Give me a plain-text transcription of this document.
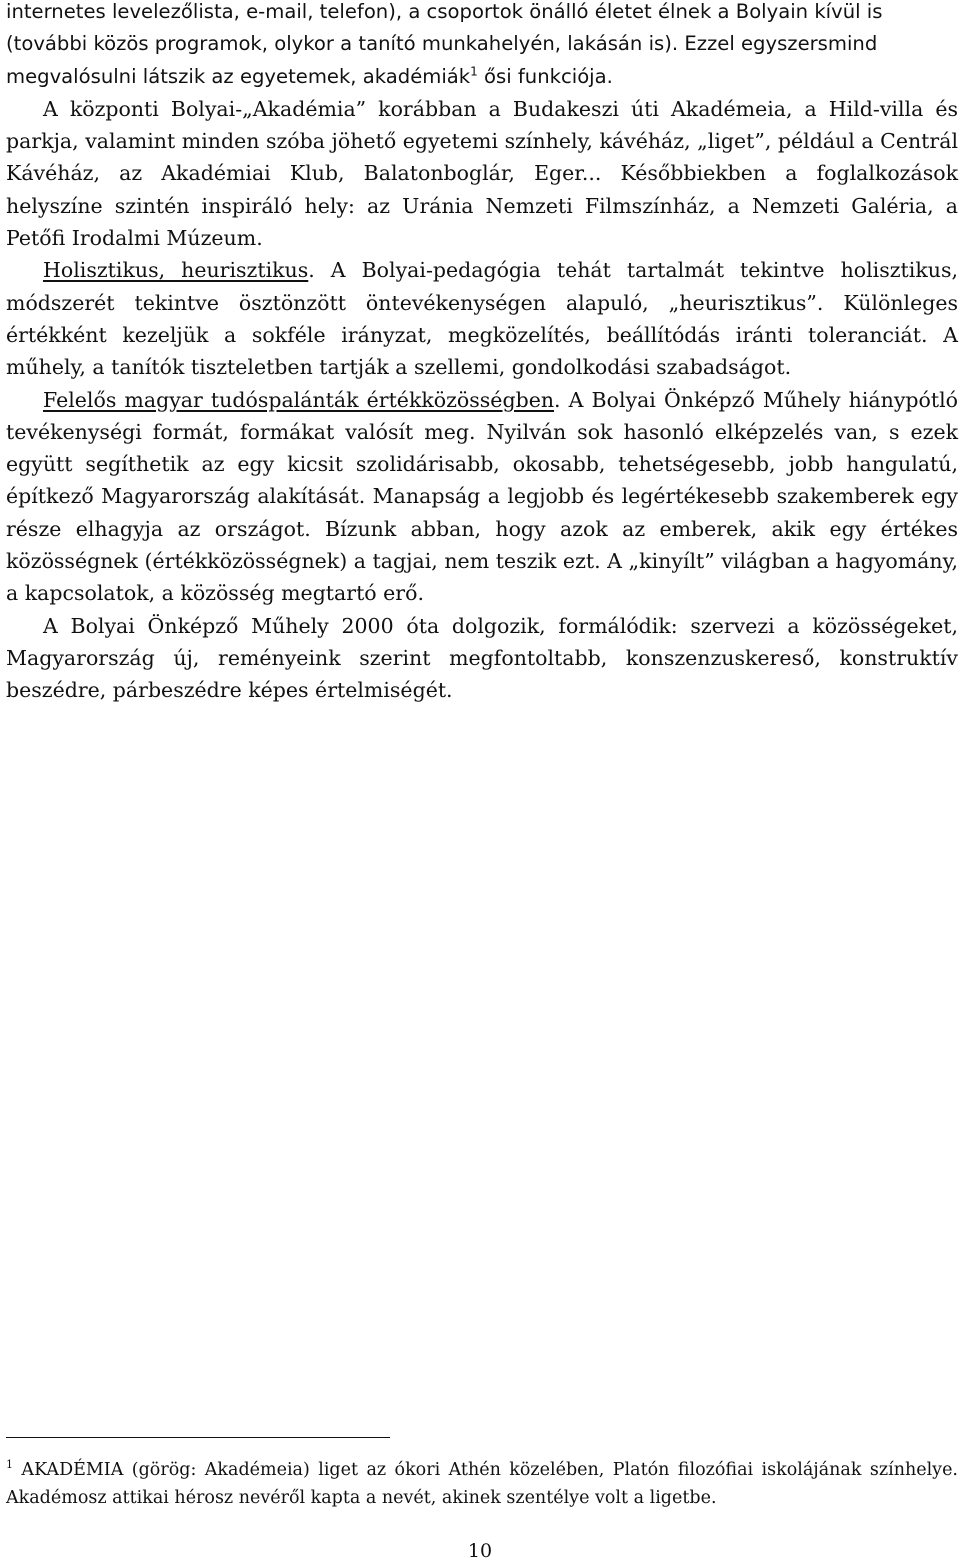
internetes levelezőlista, e-mail, telefon), a csoportok önálló életet élnek a Bolyain kívül is
(további közös programok, olykor a tanító munkahelyén, lakásán is). Ezzel egyszersmind
megvalósulni látszik az egyetemek, akadémiák$^1$ ősi funkciója.

A központi Bolyai-„Akadémia” korábban a Budakeszi úti Akadémeia, a Hild-villa és parkja, valamint minden szóba jöhető egyetemi színhely, kávéház, „liget”, például a Centrál Kávéház, az Akadémiai Klub, Balatonboglár, Eger... Későbbiekben a foglalkozások helyszíne szintén inspiráló hely: az Uránia Nemzeti Filmszínház, a Nemzeti Galéria, a Petőfi Irodalmi Múzeum.

Holisztikus, heurisztikus. A Bolyai-pedagógia tehát tartalmát tekintve holisztikus, módszerét tekintve ösztönzött öntevékenységen alapuló, „heurisztikus”. Különleges értékként kezeljük a sokféle irányzat, megközelítés, beállítódás iránti toleranciát. A műhely, a tanítók tiszteletben tartják a szellemi, gondolkodási szabadságot.

Felelős magyar tudóspalánták értékközösségben. A Bolyai Önképző Műhely hiánypótló tevékenységi formát, formákat valósít meg. Nyilván sok hasonló elképzelés van, s ezek együtt segíthetik az egy kicsit szolidárisabb, okosabb, tehetségesebb, jobb hangulatú, építkező Magyarország alakítását. Manapság a legjobb és legértékesebb szakemberek egy része elhagyja az országot. Bízunk abban, hogy azok az emberek, akik egy értékes közösségnek (értékközösségnek) a tagjai, nem teszik ezt. A „kinyílt” világban a hagyomány, a kapcsolatok, a közösség megtartó erő.

A Bolyai Önképző Műhely 2000 óta dolgozik, formálódik: szervezi a közösségeket, Magyarország új, reményeink szerint megfontoltabb, konszenzuskereső, konstruktív beszédre, párbeszédre képes értelmiségét.

$^1$ AKADÉMIA (görög: Akadémeia) liget az ókori Athén közelében, Platón filozófiai iskolájának színhelye. Akadémosz attikai hérosz nevéről kapta a nevét, akinek szentélye volt a ligetbe.

10
